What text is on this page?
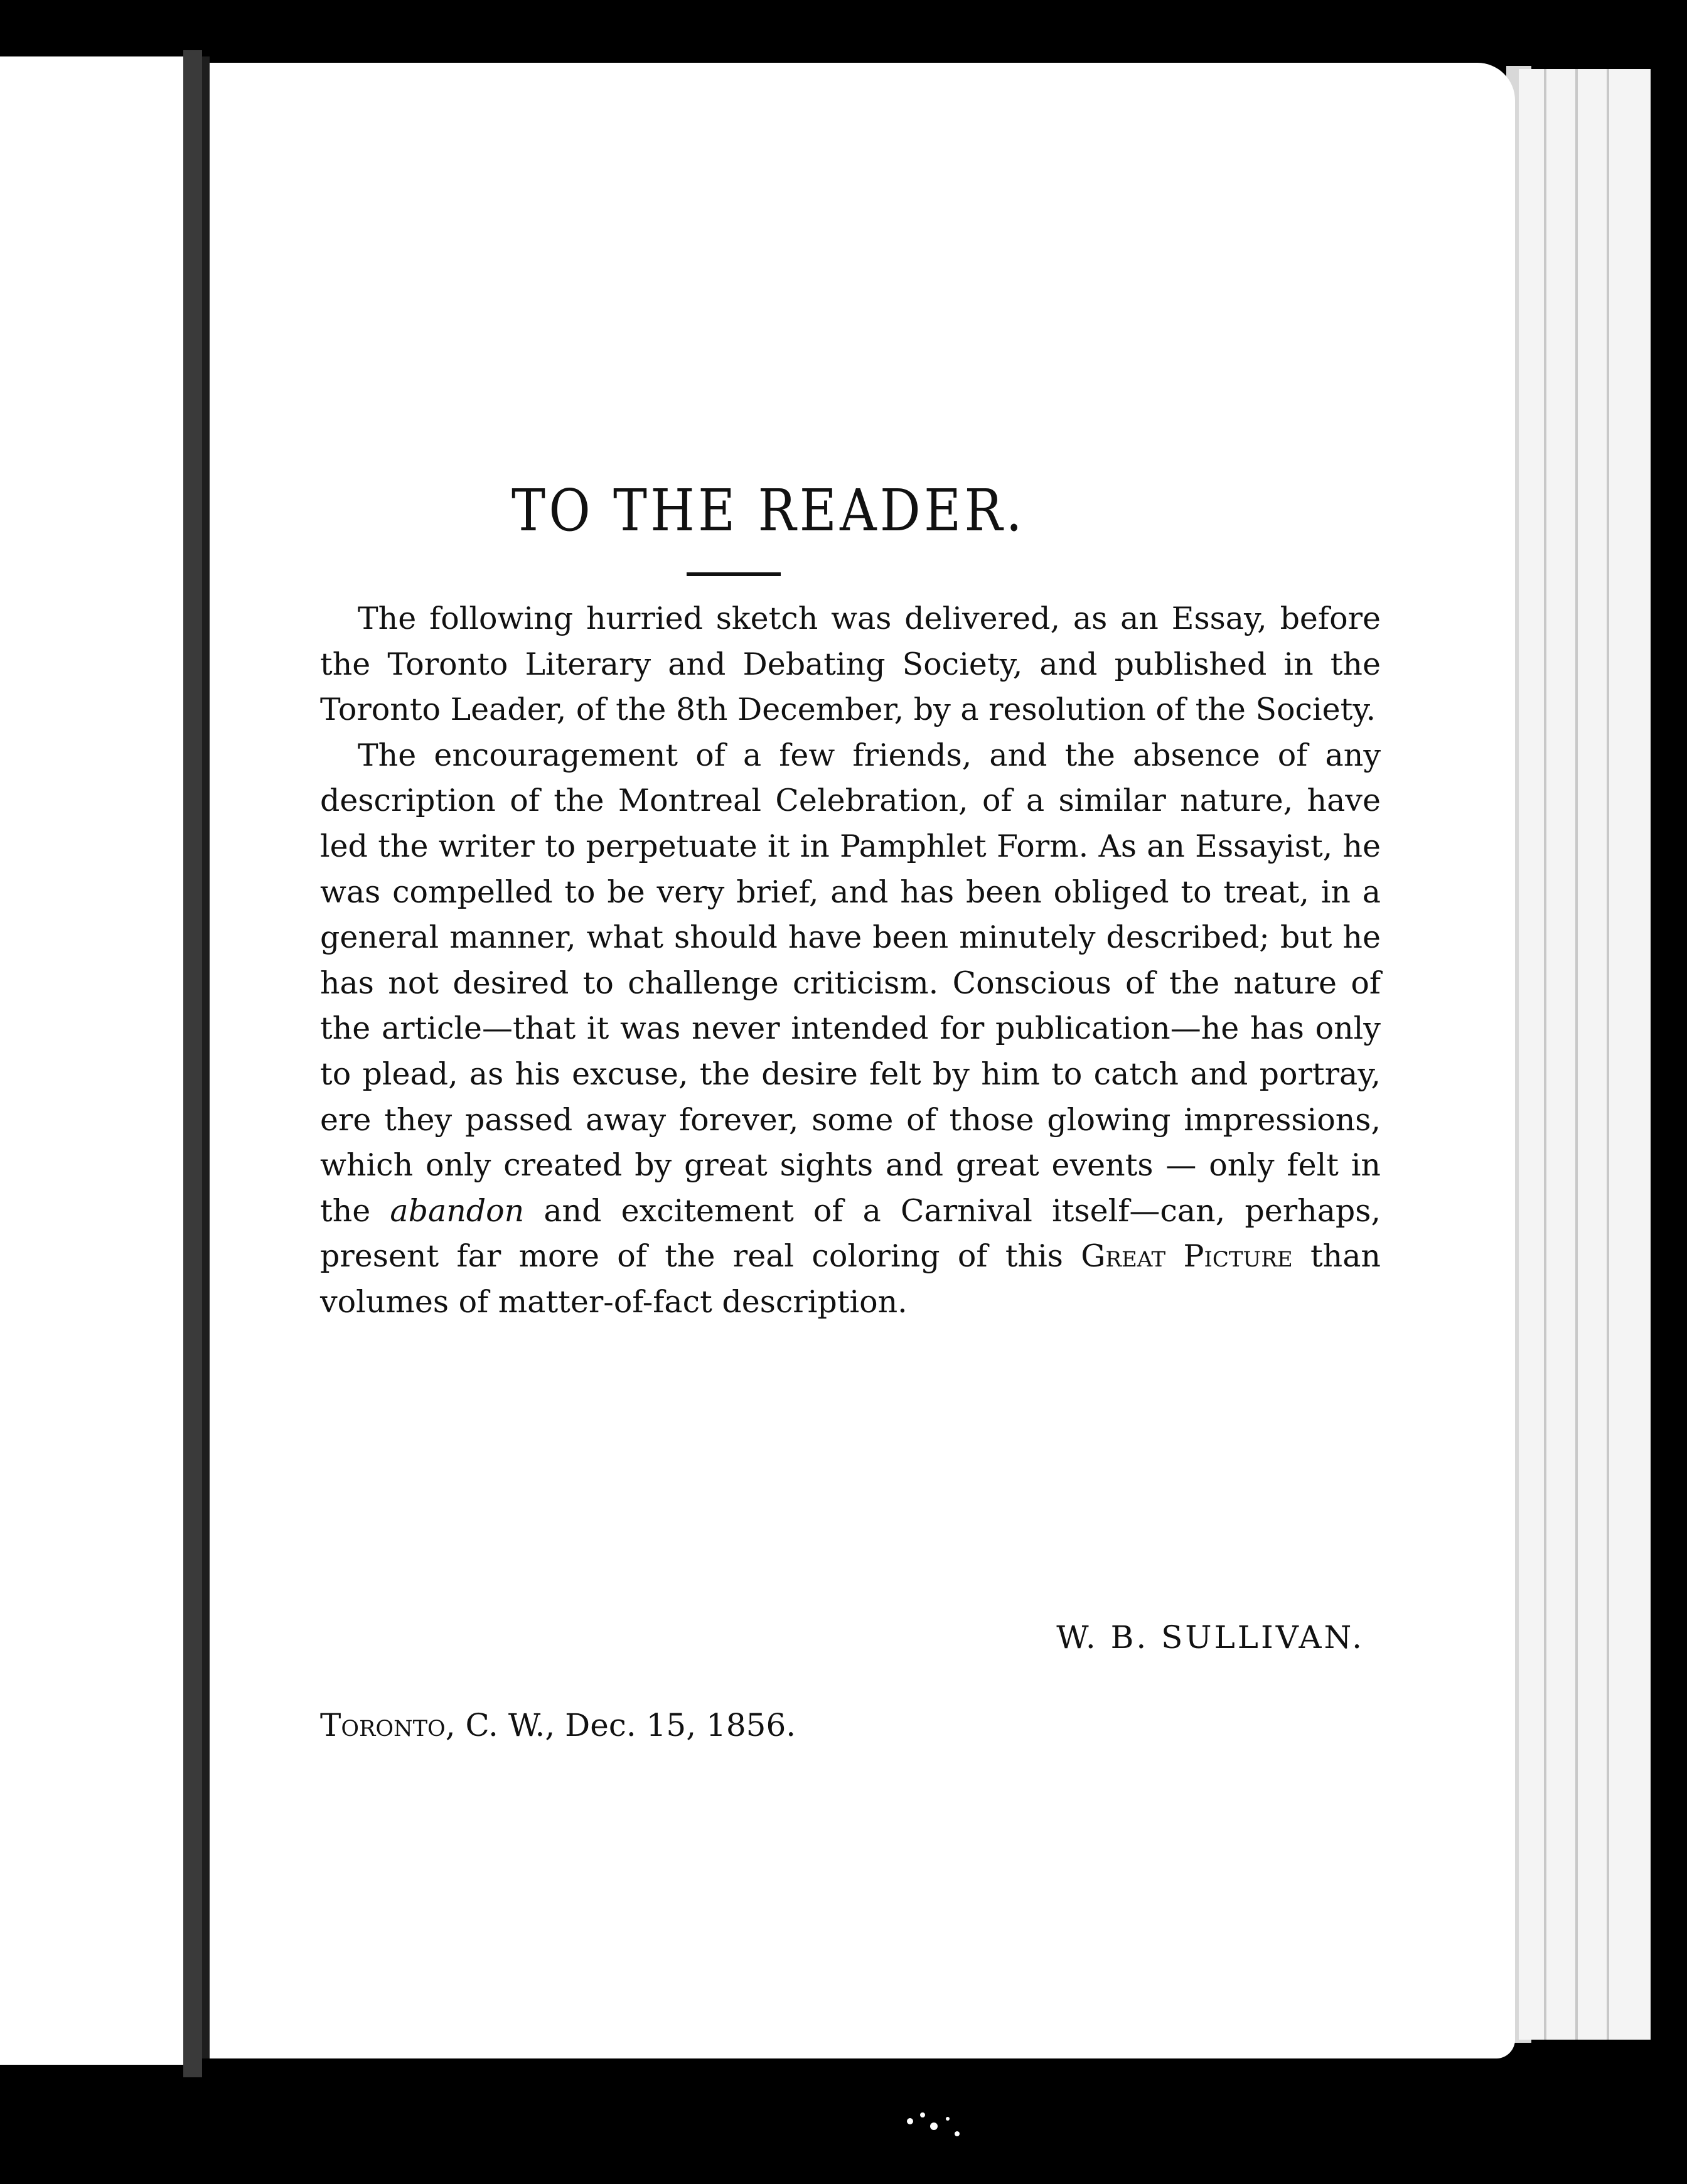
TO THE READER.

The following hurried sketch was delivered, as an Essay, before the Toronto Literary and Debating Society, and published in the Toronto Leader, of the 8th December, by a resolution of the Society.

The encouragement of a few friends, and the absence of any description of the Montreal Celebration, of a similar nature, have led the writer to perpetuate it in Pamphlet Form. As an Essayist, he was compelled to be very brief, and has been obliged to treat, in a general manner, what should have been minutely described; but he has not desired to challenge criticism. Conscious of the nature of the article—that it was never intended for publication—he has only to plead, as his excuse, the desire felt by him to catch and portray, ere they passed away forever, some of those glowing impressions, which only created by great sights and great events — only felt in the abandon and excitement of a Carnival itself—can, perhaps, present far more of the real coloring of this Great Picture than volumes of matter-of-fact description.

W. B. SULLIVAN.
Toronto, C. W., Dec. 15, 1856.
